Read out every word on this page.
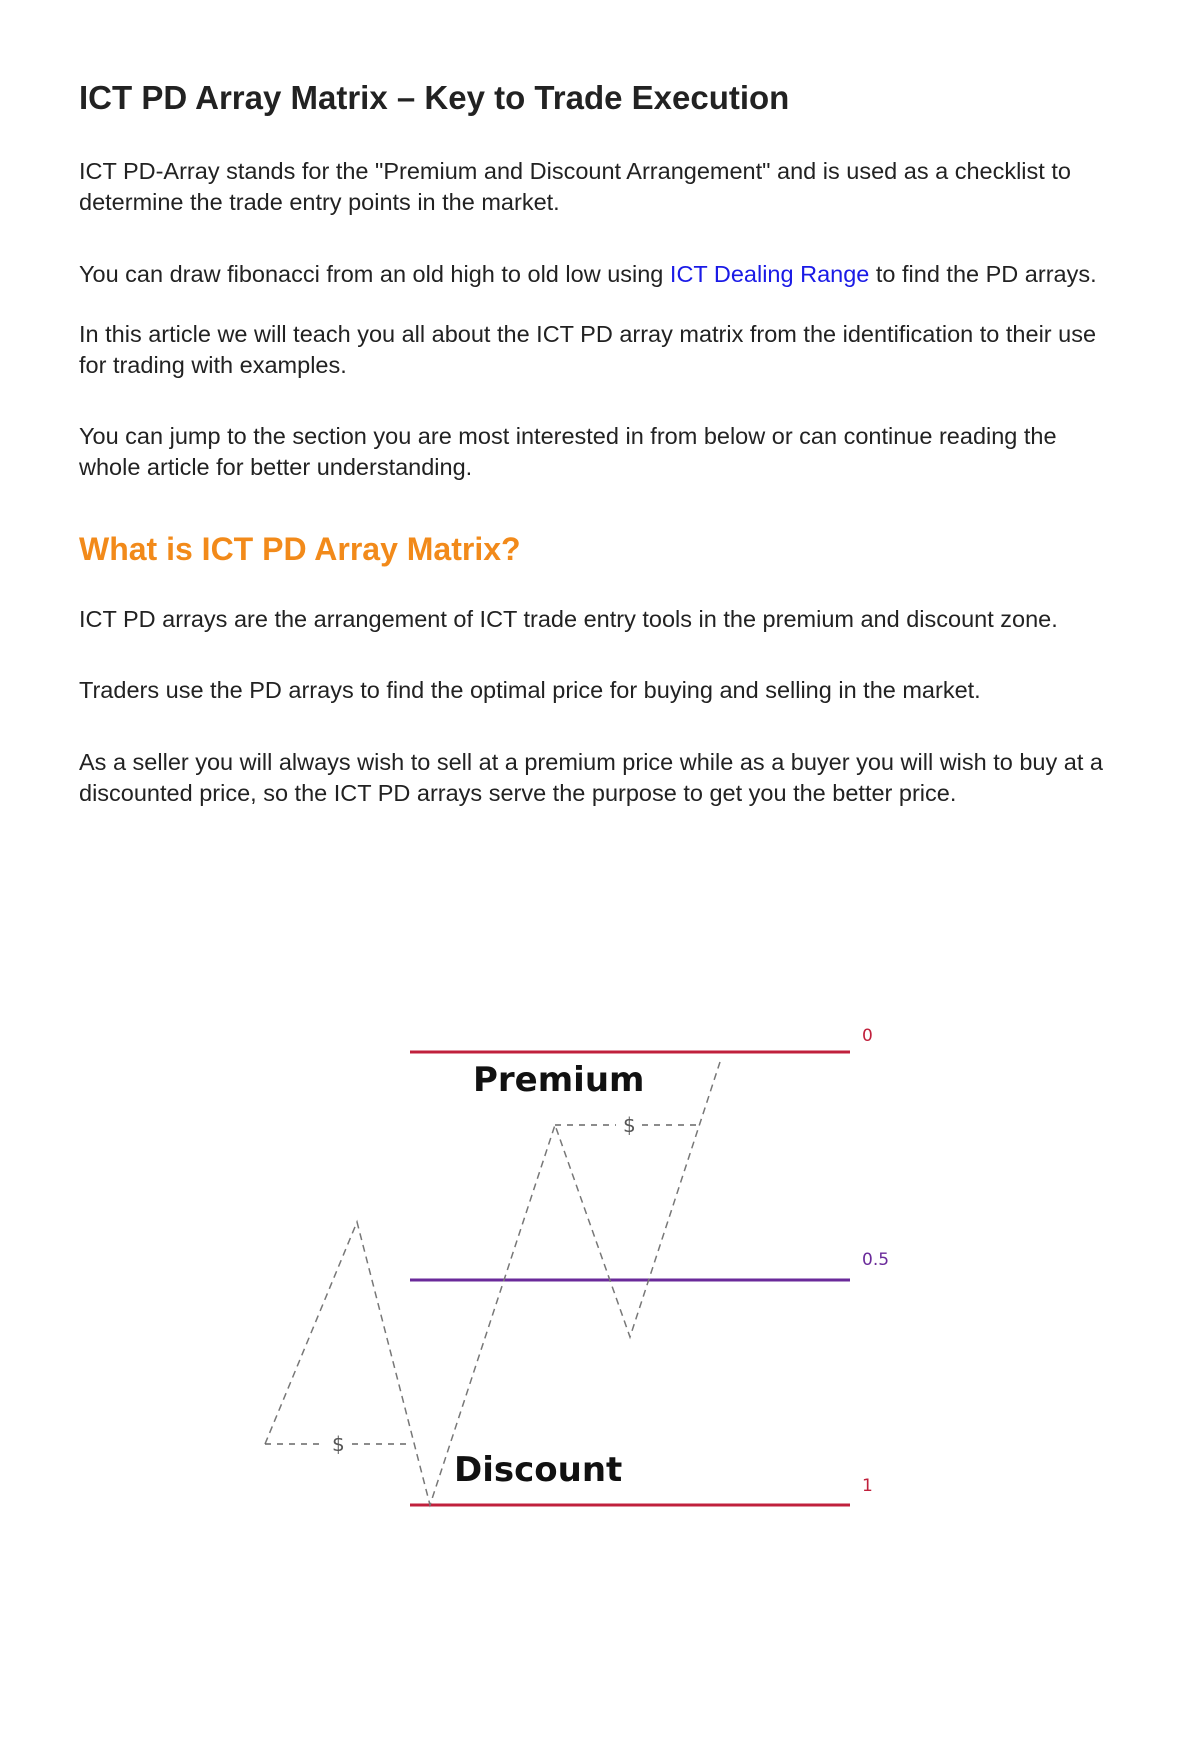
ICT PD Array Matrix – Key to Trade Execution

ICT PD-Array stands for the "Premium and Discount Arrangement" and is used as a checklist to determine the trade entry points in the market.

You can draw fibonacci from an old high to old low using ICT Dealing Range to find the PD arrays.

In this article we will teach you all about the ICT PD array matrix from the identification to their use for trading with examples.

You can jump to the section you are most interested in from below or can continue reading the whole article for better understanding.

What is ICT PD Array Matrix?

ICT PD arrays are the arrangement of ICT trade entry tools in the premium and discount zone.

Traders use the PD arrays to find the optimal price for buying and selling in the market.

As a seller you will always wish to sell at a premium price while as a buyer you will wish to buy at a discounted price, so the ICT PD arrays serve the purpose to get you the better price.

0
0.5
1
$
$
Premium
Discount
